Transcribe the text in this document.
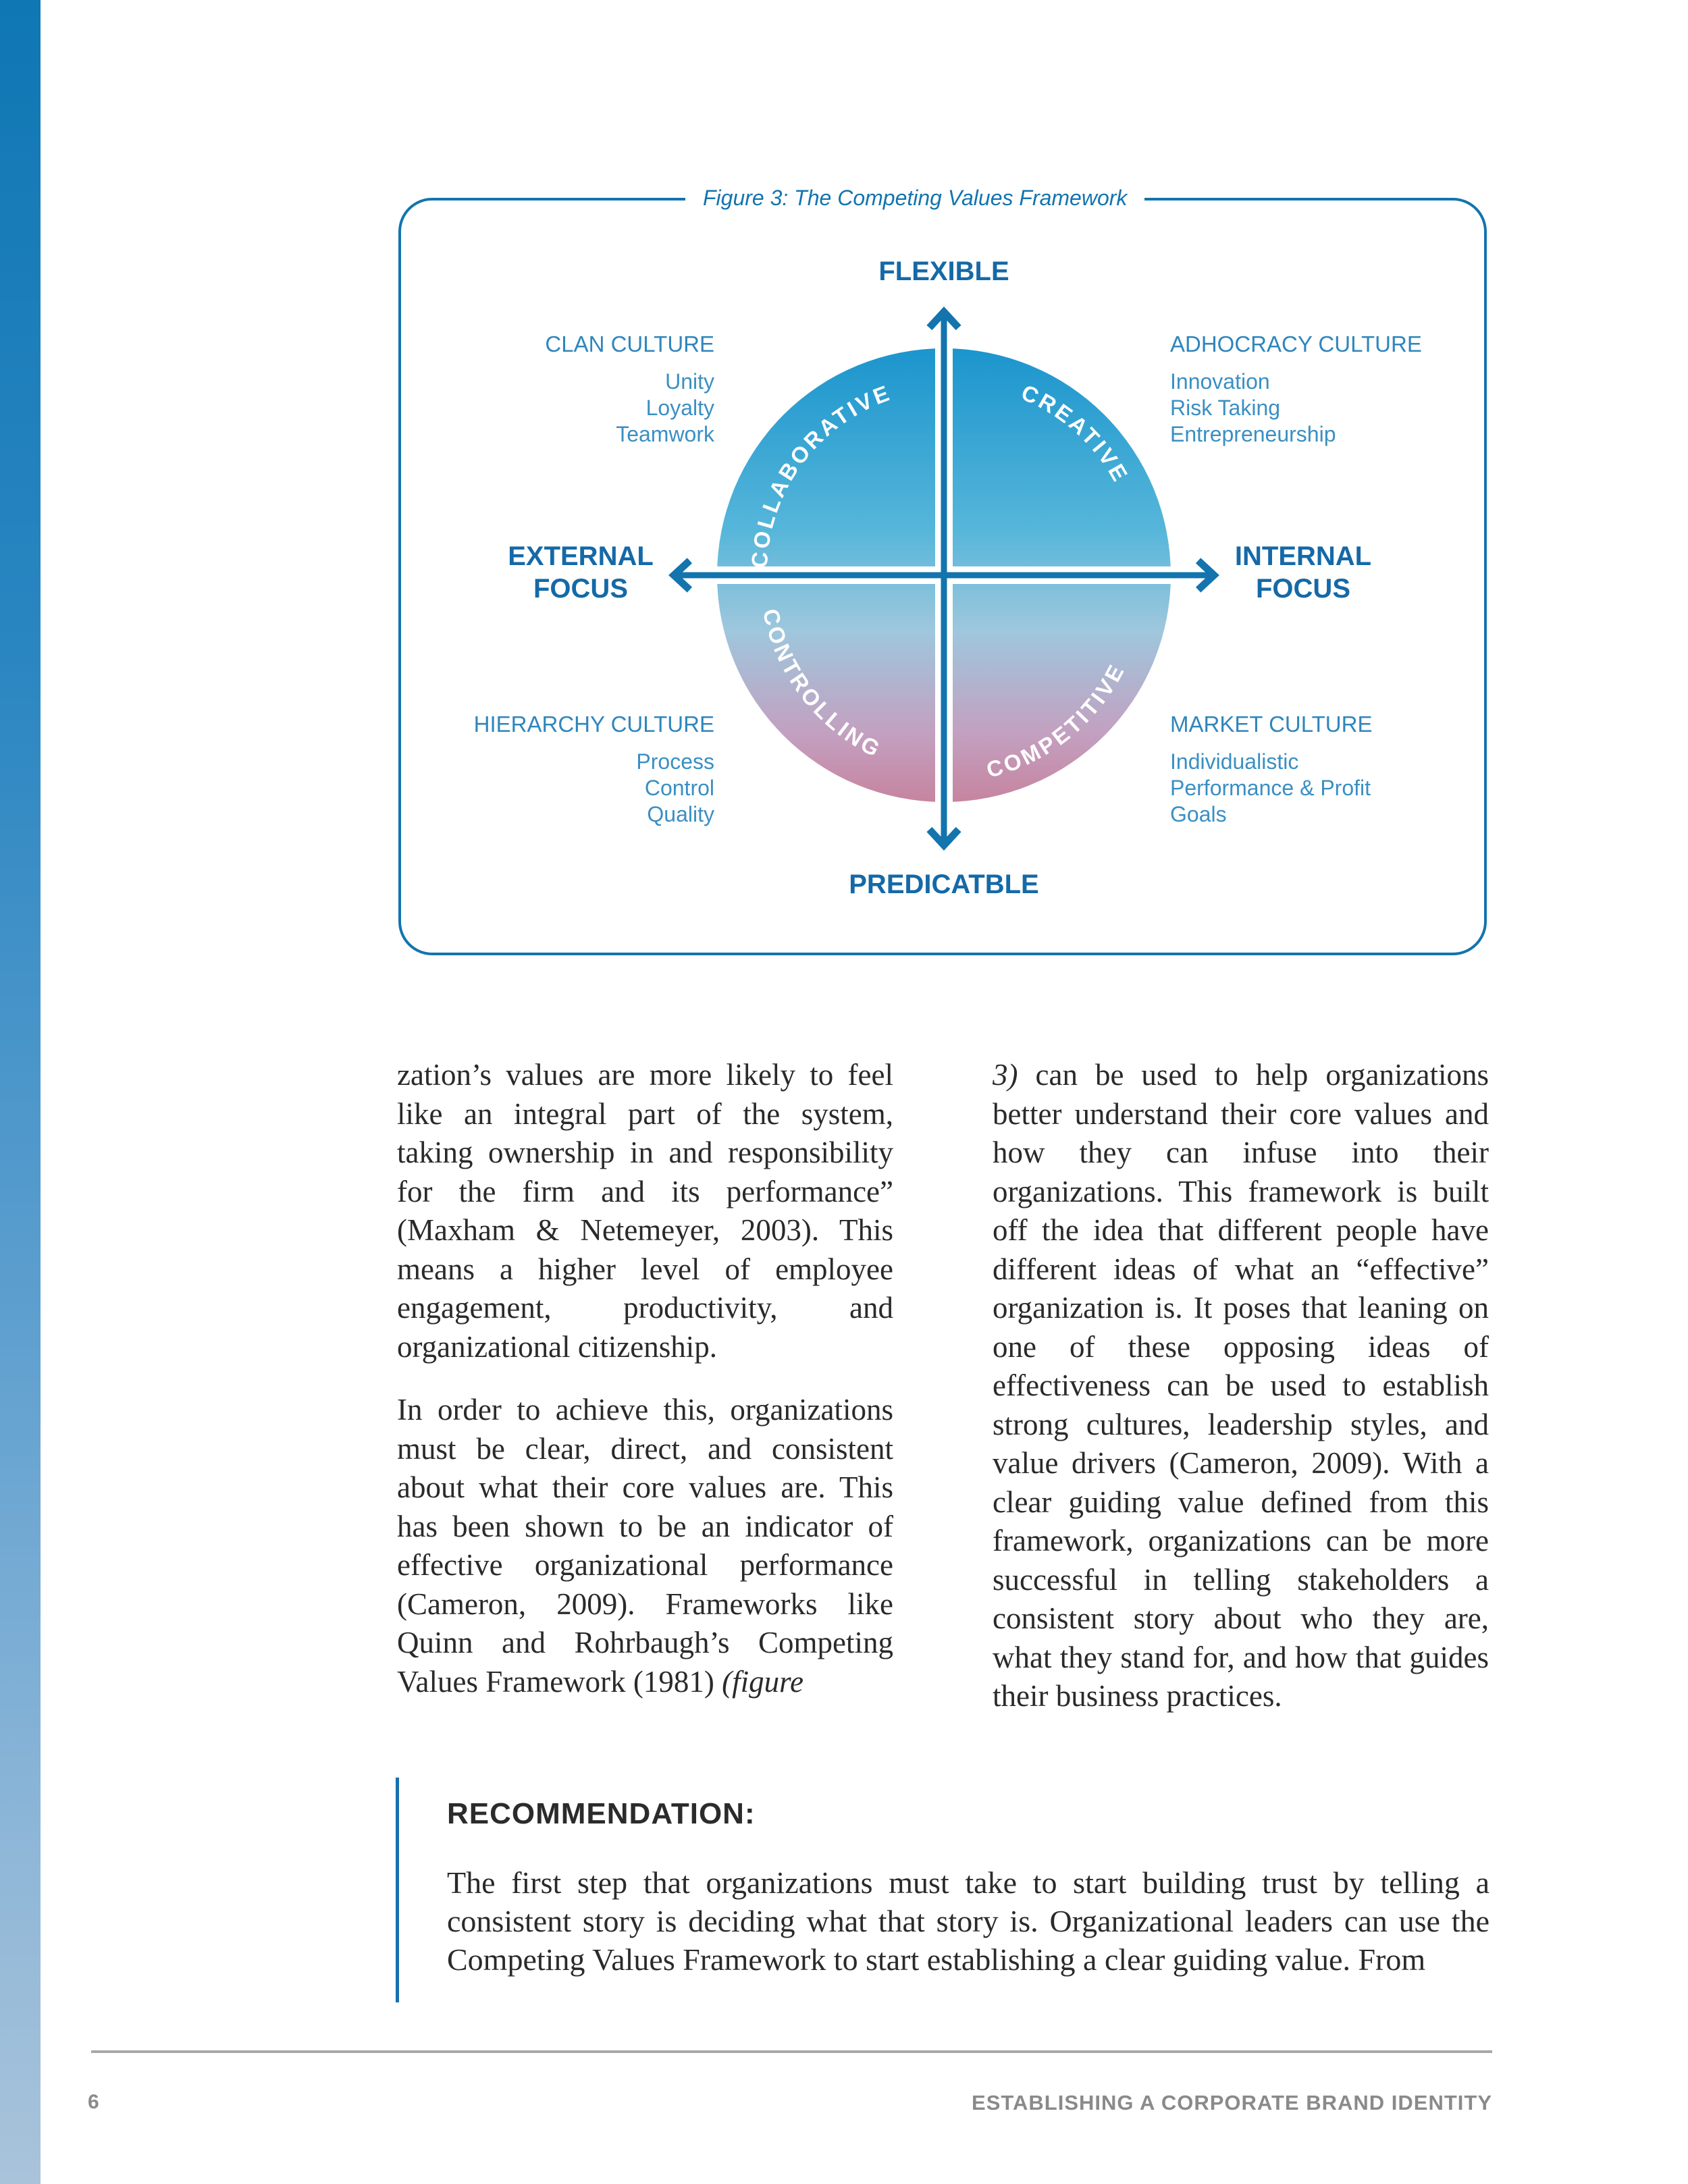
Figure 3: The Competing Values Framework
COLLABORATIVE	CREATIVE
CONTROLLING
COMPETITIVE
FLEXIBLE
PREDICATBLE
EXTERNAL
FOCUS
INTERNAL
FOCUS
CLAN CULTURE
Unity
Loyalty
Teamwork
ADHOCRACY CULTURE
Innovation
Risk Taking
Entrepreneurship
HIERARCHY CULTURE
Process
Control
Quality
MARKET CULTURE
Individualistic
Performance & Profit
Goals

zation’s values are more likely to feel like an integral part of the system, taking ownership in and responsibility for the firm and its performance” (Maxham & Netemeyer, 2003). This means a higher level of employee engagement, productivity, and organizational citizenship.

In order to achieve this, organizations must be clear, direct, and consistent about what their core values are. This has been shown to be an indicator of effective organizational performance (Cameron, 2009). Frameworks like Quinn and Rohrbaugh’s Competing Values Framework (1981) (figure

3) can be used to help organizations better understand their core values and how they can infuse into their organizations. This framework is built off the idea that different people have different ideas of what an “effective” organization is. It poses that leaning on one of these opposing ideas of effectiveness can be used to establish strong cultures, leadership styles, and value drivers (Cameron, 2009). With a clear guiding value defined from this framework, organizations can be more successful in telling stakeholders a consistent story about who they are, what they stand for, and how that guides their business practices.

RECOMMENDATION:
The first step that organizations must take to start building trust by telling a consistent story is deciding what that story is. Organizational leaders can use the Competing Values Framework to start establishing a clear guiding value. From
6	ESTABLISHING A CORPORATE BRAND IDENTITY
